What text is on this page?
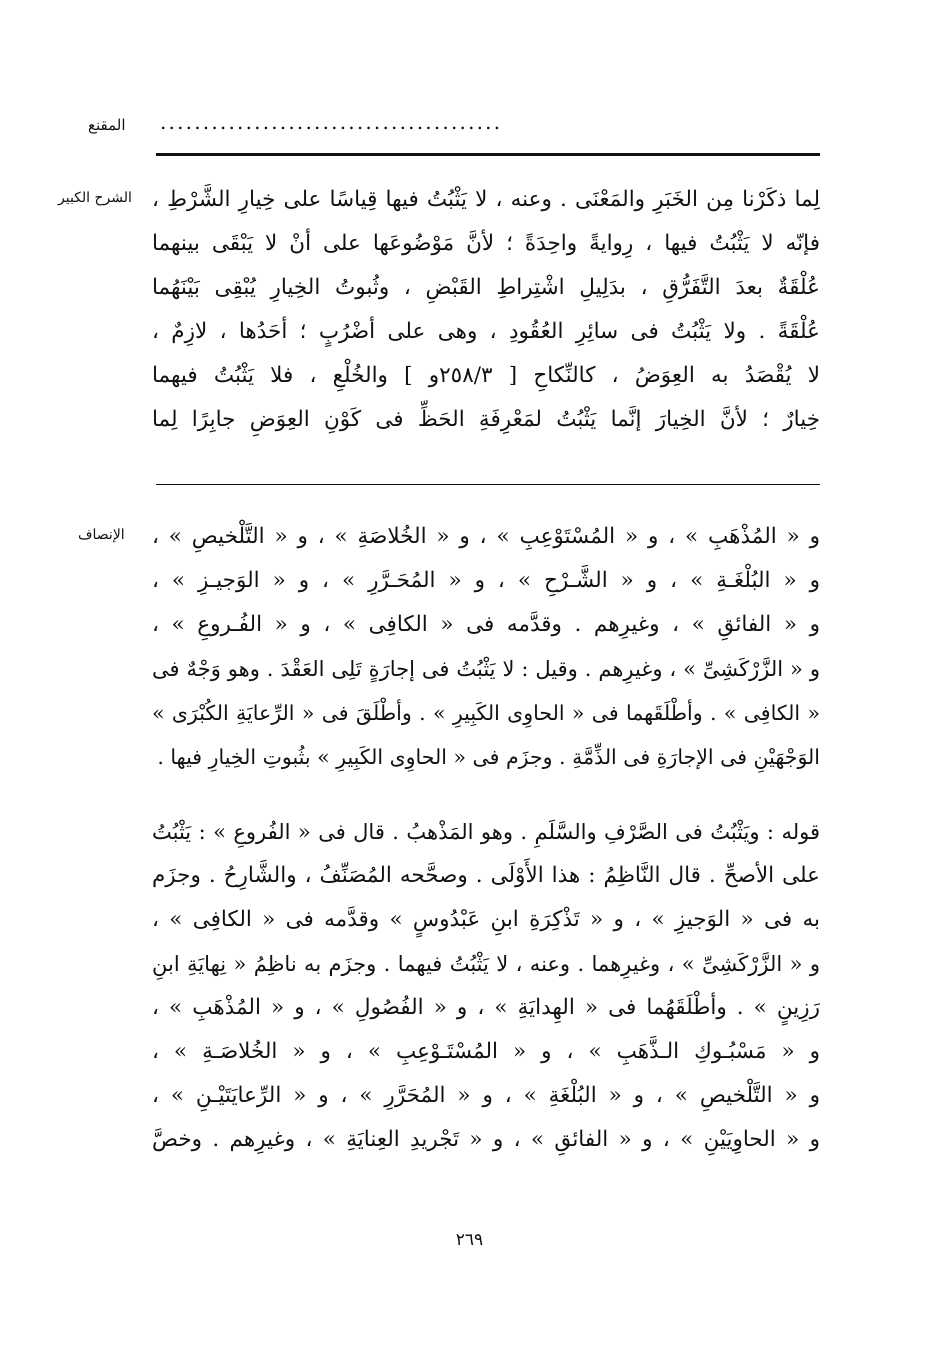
المقنع ........................................
الشرح الكبير لِما ذكَرْنا مِن الخَبَرِ والمَعْنَى . وعنه ، لا يَثْبُتُ فيها قِياسًا على خِيارِ الشَّرْطِ ،
فإنّه لا يَثْبُتُ فيها ، رِوايةً واحِدَةً ؛ لأنَّ مَوْضُوعَها على أنْ لا يَبْقَى بينهما
عُلْقَةٌ بعدَ التَّفَرُّقِ ، بدَلِيلِ اشْتِراطِ القَبْضِ ، وثُبوتُ الخِيارِ يُبْقِى بَيْنَهُما
عُلْقَةً . ولا يَثْبُتُ فى سائِرِ العُقُودِ ، وهى على أضْرُبٍ ؛ أحَدُها ، لازِمٌ ،
لا يُقْصَدُ به العِوَضُ ، كالنِّكاحِ [ ٢٥٨/٣و ] والخُلْعِ ، فلا يَثْبُتُ فيهما
خِيارٌ ؛ لأنَّ الخِيارَ إنَّما يَثْبُتُ لمَعْرِفَةِ الحَظِّ فى كَوْنِ العِوَضِ جابِرًا لِما
الإنصاف و « المُذْهَبِ » ، و « المُسْتَوْعِبِ » ، و « الخُلاصَةِ » ، و « التَّلْخيصِ » ،
و « البُلْغَـةِ » ، و « الشَّـرْحِ » ، و « المُحَـرَّرِ » ، و « الوَجيـزِ » ،
و « الفائقِ » ، وغيرِهم . وقدَّمه فى « الكافِى » ، و « الفُـروعِ » ،
و « الزَّرْكَشِىِّ » ، وغيرِهم . وقيل : لا يَثْبُتُ فى إجارَةٍ تَلِى العَقْدَ . وهو وَجْهٌ فى
« الكافِى » . وأطْلَقَهما فى « الحاوِى الكَبِيرِ » . وأطْلَقَ فى « الرِّعايَةِ الكُبْرَى »
الوَجْهَيْنِ فى الإجارَةِ فى الذِّمَّةِ . وجزَم فى « الحاوِى الكَبِيرِ » بثُبوتِ الخِيارِ فيها .
قوله : ويَثْبُتُ فى الصَّرْفِ والسَّلَمِ . وهو المَذْهبُ . قال فى « الفُروعِ » : يَثْبُتُ
على الأصحِّ . قال النَّاظِمُ : هذا الأَوْلَى . وصحَّحه المُصَنِّفُ ، والشَّارِحُ . وجزَم
به فى « الوَجيزِ » ، و « تَذْكِرَةِ ابنِ عَبْدُوسٍ » وقدَّمه فى « الكافِى » ،
و « الزَّرْكَشِىِّ » ، وغيرِهما . وعنه ، لا يَثْبُتُ فيهما . وجزَم به ناظِمُ « نِهايَةِ ابنِ
رَزِينٍ » . وأطْلَقَهُما فى « الهِدايَةِ » ، و « الفُصُولِ » ، و « المُذْهَبِ » ،
و « مَسْبُـوكِ الـذَّهَبِ » ، و « المُسْتَـوْعِبِ » ، و « الخُلاصَـةِ » ،
و « التَّلْخيصِ » ، و « البُلْغَةِ » ، و « المُحَرَّرِ » ، و « الرِّعايَتَيْـنِ » ،
و « الحاوِيَيْنِ » ، و « الفائقِ » ، و « تَجْريدِ العِنايَةِ » ، وغيرِهم . وخصَّ
٢٦٩
